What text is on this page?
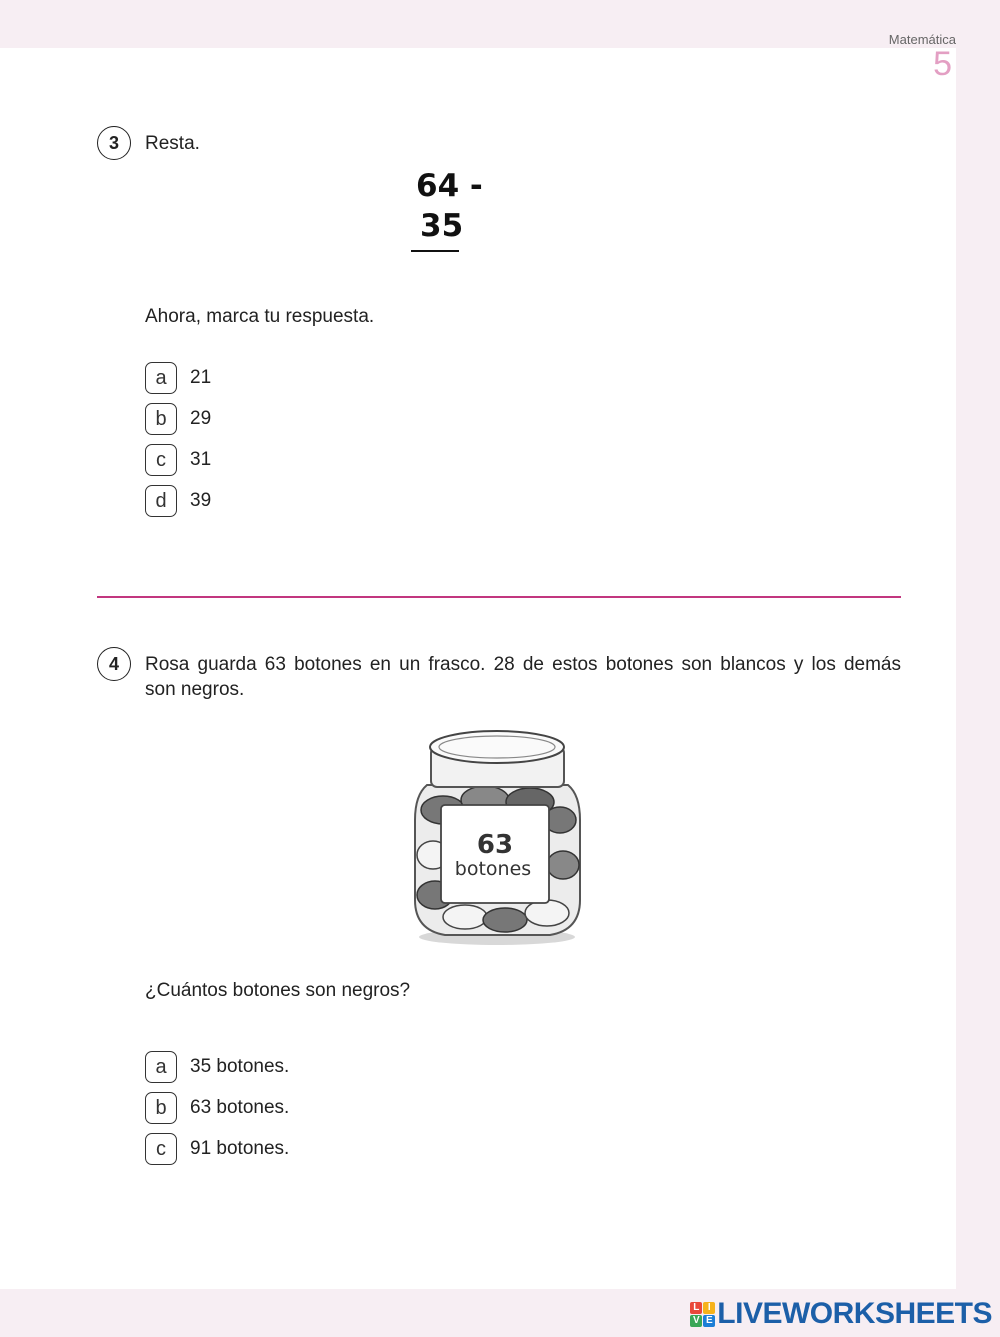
Matemática
5
3	Resta.
64 -
35
Ahora, marca tu respuesta.
a	21
b	29
c	31
d	39
4	Rosa guarda 63 botones en un frasco. 28 de estos botones son blancos y los demás
son negros.
63
botones
¿Cuántos botones son negros?
a	35 botones.
b	63 botones.
c	91 botones.
L I
V E LIVEWORKSHEETS
